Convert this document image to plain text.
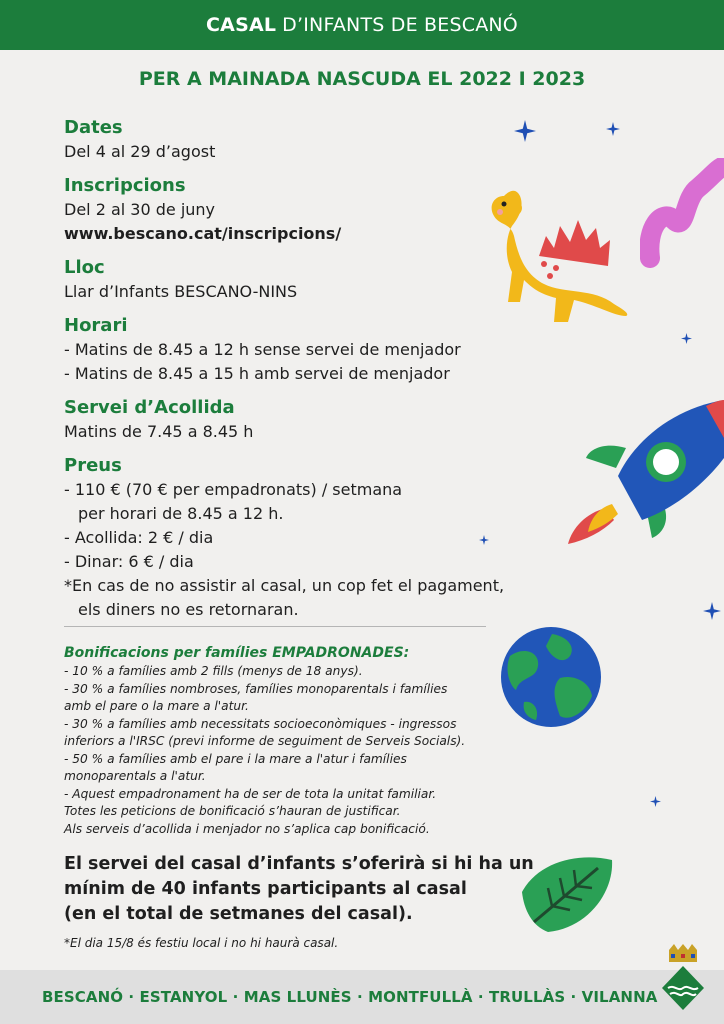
CASAL D’INFANTS DE BESCANÓ
PER A MAINADA NASCUDA EL 2022 I 2023
Dates
Del 4 al 29 d’agost
Inscripcions
Del 2 al 30 de juny
www.bescano.cat/inscripcions/
Lloc
Llar d’Infants BESCANO-NINS
Horari
- Matins de 8.45 a 12 h sense servei de menjador
- Matins de 8.45 a 15 h amb servei de menjador
Servei d’Acollida
Matins de 7.45 a 8.45 h
Preus
- 110 € (70 € per empadronats) / setmana
per horari de 8.45 a 12 h.
- Acollida: 2 € / dia
- Dinar: 6 € / dia
*En cas de no assistir al casal, un cop fet el pagament,
els diners no es retornaran.
Bonificacions per famílies EMPADRONADES:
- 10 % a famílies amb 2 fills (menys de 18 anys).
- 30 % a famílies nombroses, famílies monoparentals i famílies
amb el pare o la mare a l'atur.
- 30 % a famílies amb necessitats socioeconòmiques - ingressos
inferiors a l'IRSC (previ informe de seguiment de Serveis Socials).
- 50 % a famílies amb el pare i la mare a l'atur i famílies
monoparentals a l'atur.
- Aquest empadronament ha de ser de tota la unitat familiar.
Totes les peticions de bonificació s’hauran de justificar.
Als serveis d’acollida i menjador no s’aplica cap bonificació.
El servei del casal d’infants s’oferirà si hi ha un
mínim de 40 infants participants al casal
(en el total de setmanes del casal).
*El dia 15/8 és festiu local i no hi haurà casal.
BESCANÓ · ESTANYOL · MAS LLUNÈS · MONTFULLÀ · TRULLÀS · VILANNA
